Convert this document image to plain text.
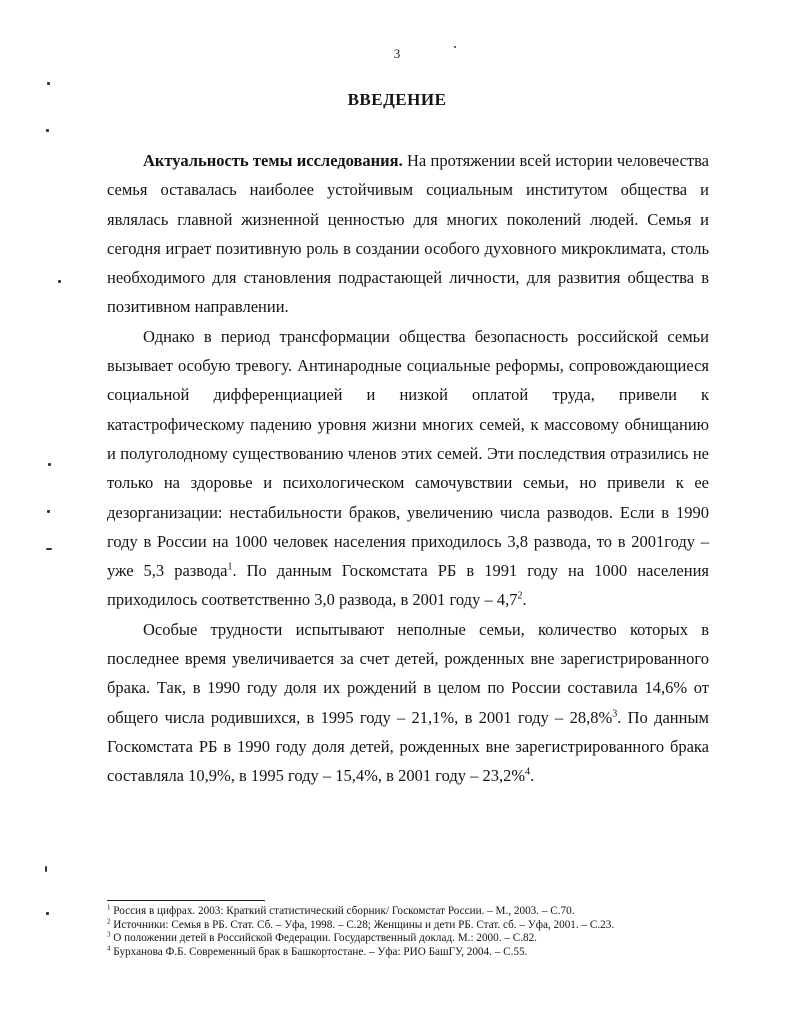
3
ВВЕДЕНИЕ

Актуальность темы исследования. На протяжении всей истории человечества семья оставалась наиболее устойчивым социальным институтом общества и являлась главной жизненной ценностью для многих поколений людей. Семья и сегодня играет позитивную роль в создании особого духовного микроклимата, столь необходимого для становления подрастающей личности, для развития общества в позитивном направлении.

Однако в период трансформации общества безопасность российской семьи вызывает особую тревогу. Антинародные социальные реформы, сопровождающиеся социальной дифференциацией и низкой оплатой труда, привели к катастрофическому падению уровня жизни многих семей, к массовому обнищанию и полуголодному существованию членов этих семей. Эти последствия отразились не только на здоровье и психологическом самочувствии семьи, но привели к ее дезорганизации: нестабильности браков, увеличению числа разводов. Если в 1990 году в России на 1000 человек населения приходилось 3,8 развода, то в 2001году – уже 5,3 развода$^1$. По данным Госкомстата РБ в 1991 году на 1000 населения приходилось соответственно 3,0 развода, в 2001 году – $4,7^2$.

Особые трудности испытывают неполные семьи, количество которых в последнее время увеличивается за счет детей, рожденных вне зарегистрированного брака. Так, в 1990 году доля их рождений в целом по России составила 14,6% от общего числа родившихся, в 1995 году – 21,1%, в 2001 году – 28,8%$^3$. По данным Госкомстата РБ в 1990 году доля детей, рожденных вне зарегистрированного брака составляла 10,9%, в 1995 году – 15,4%, в 2001 году – 23,2%$^4$.

$^1$ Россия в цифрах. 2003: Краткий статистический сборник/ Госкомстат России. – М., 2003. – С.70.
$^2$ Источники: Семья в РБ. Стат. Сб. – Уфа, 1998. – С.28; Женщины и дети РБ. Стат. сб. – Уфа, 2001. – С.23.
$^3$ О положении детей в Российской Федерации. Государственный доклад. М.: 2000. – С.82.
$^4$ Бурханова Ф.Б. Современный брак в Башкортостане. – Уфа: РИО БашГУ, 2004. – С.55.
